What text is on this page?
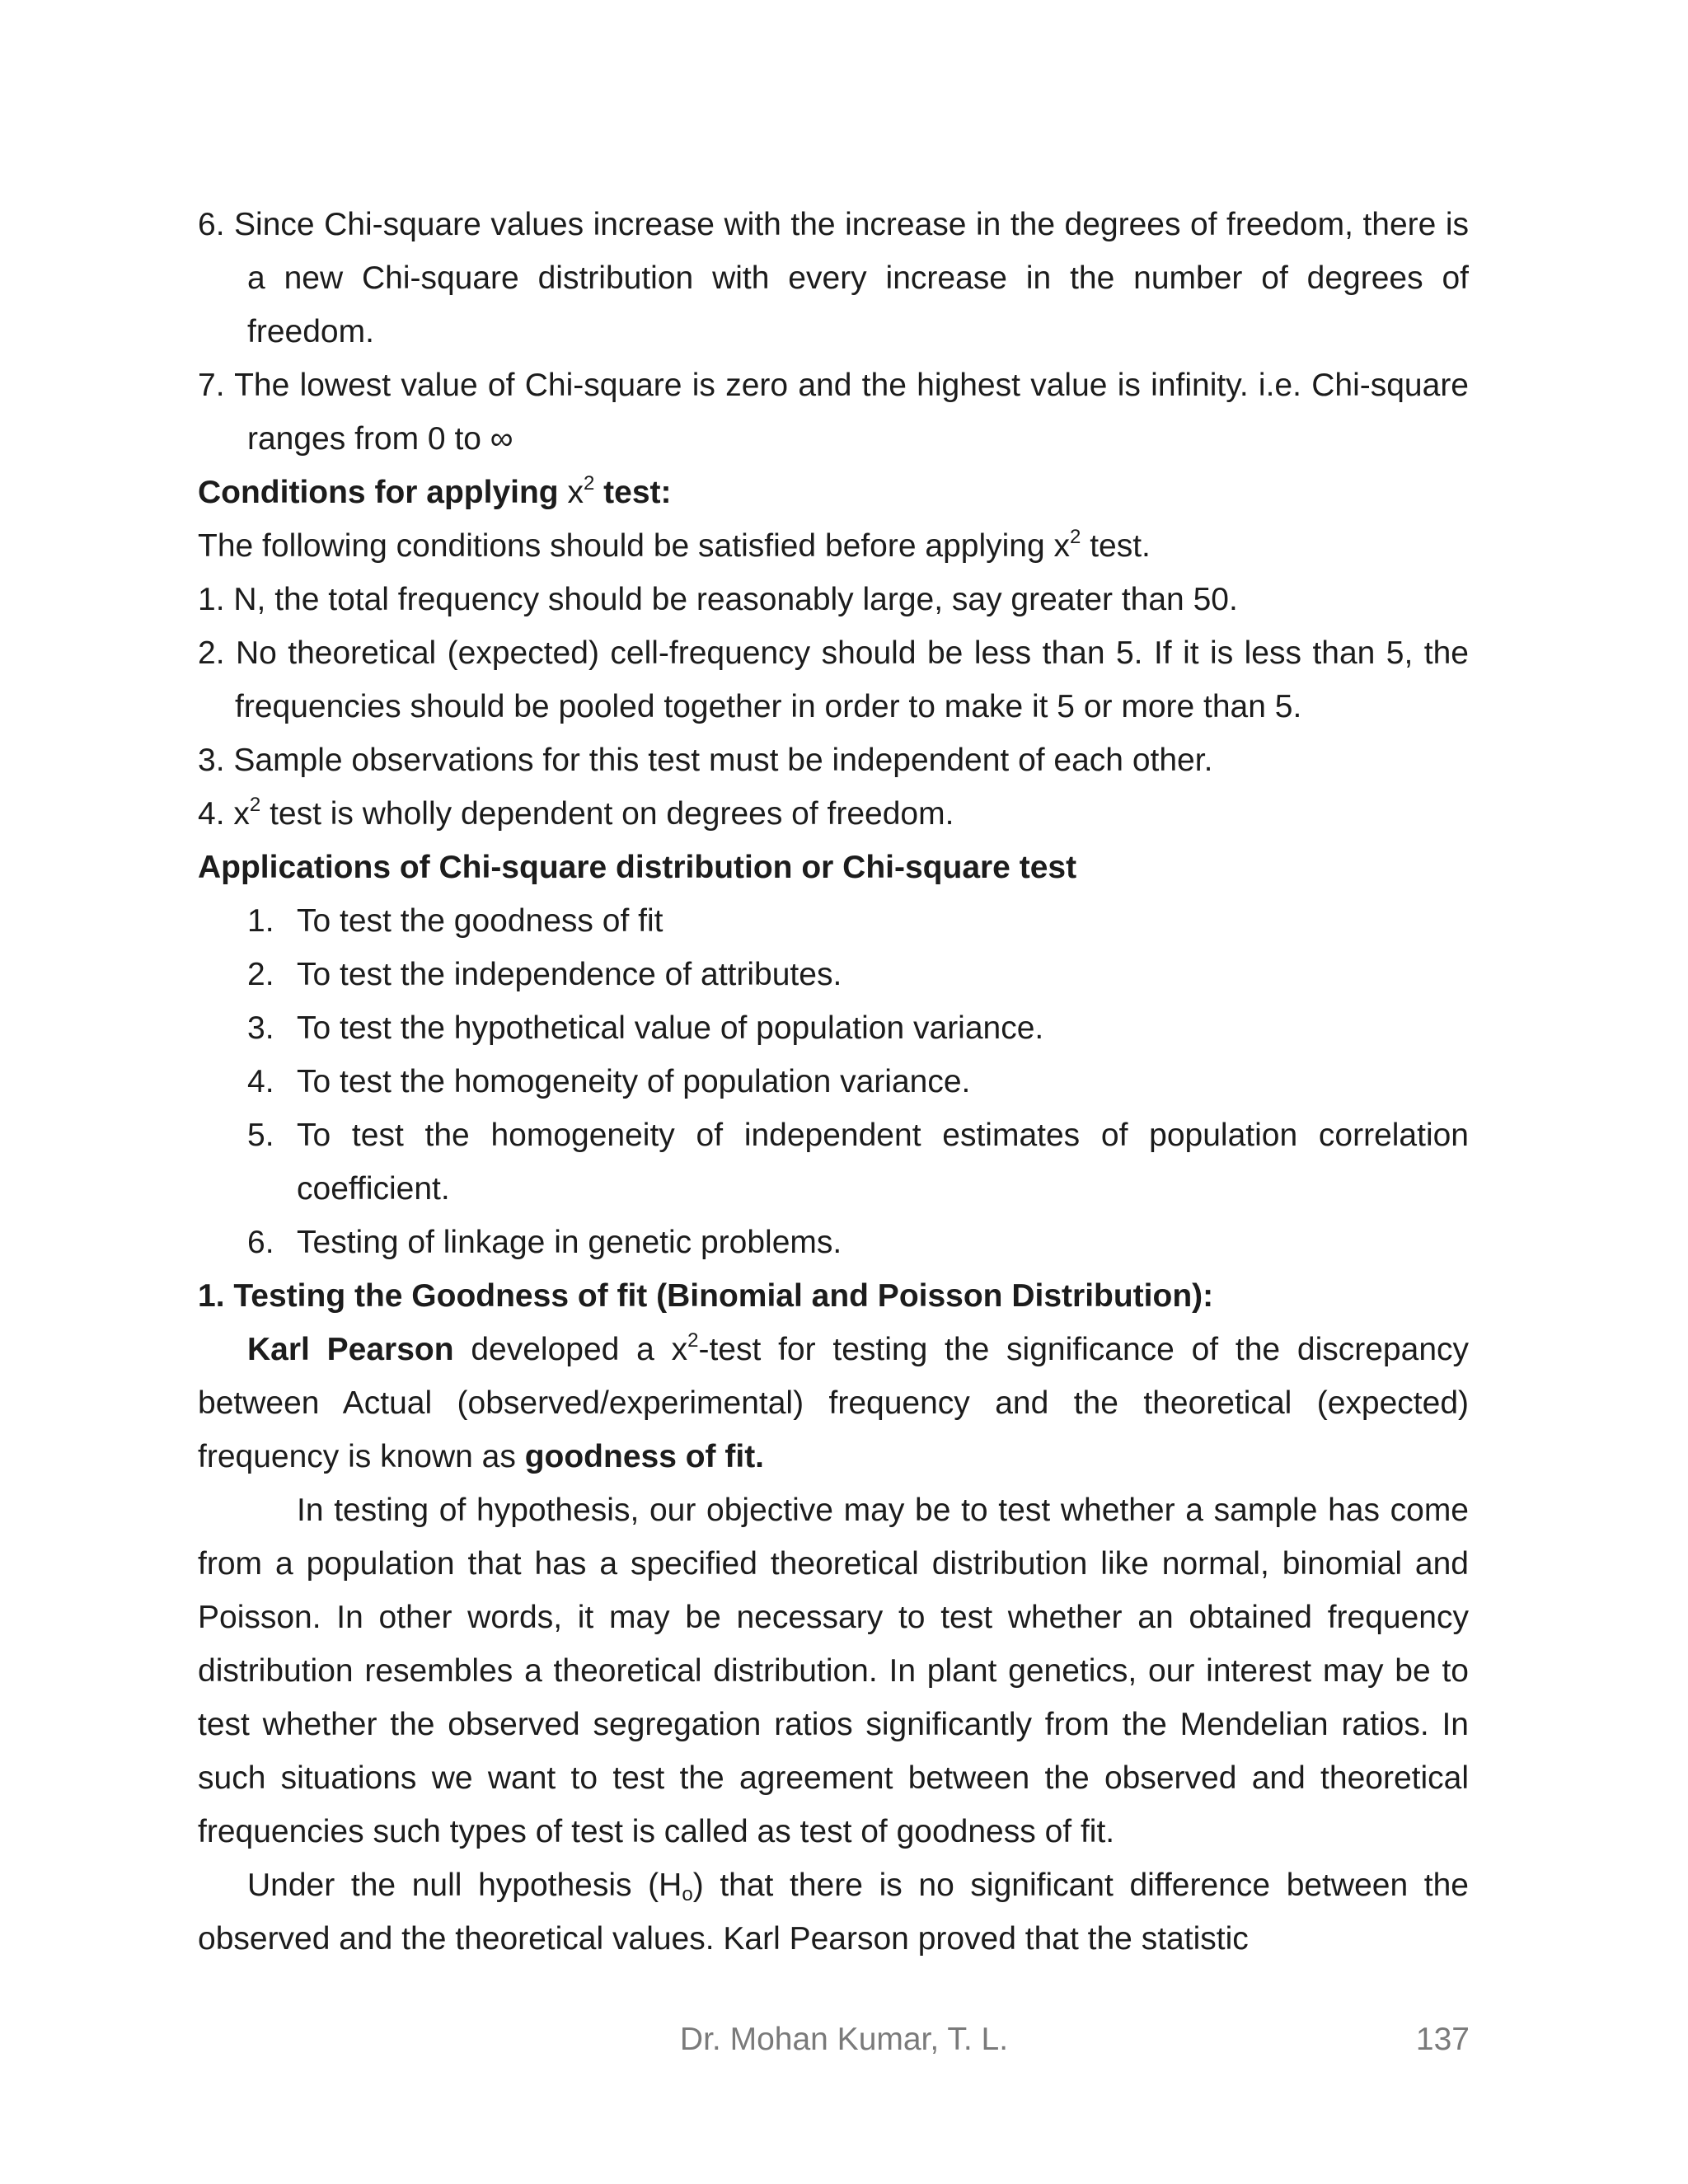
6. Since Chi-square values increase with the increase in the degrees of freedom, there is
a new Chi-square distribution with every increase in the number of degrees of
freedom.
7. The lowest value of Chi-square is zero and the highest value is infinity. i.e. Chi-square
ranges from 0 to ∞
Conditions for applying $x^2$ test:
The following conditions should be satisfied before applying $x^2$ test.
1. N, the total frequency should be reasonably large, say greater than 50.
2. No theoretical (expected) cell-frequency should be less than 5. If it is less than 5, the
frequencies should be pooled together in order to make it 5 or more than 5.
3. Sample observations for this test must be independent of each other.
4. $x^2$ test is wholly dependent on degrees of freedom.
Applications of Chi-square distribution or Chi-square test
1. To test the goodness of fit
2. To test the independence of attributes.
3. To test the hypothetical value of population variance.
4. To test the homogeneity of population variance.
5. To test the homogeneity of independent estimates of population correlation
coefficient.
6. Testing of linkage in genetic problems.
1. Testing the Goodness of fit (Binomial and Poisson Distribution):
Karl Pearson developed a $x^2$-test for testing the significance of the discrepancy
between Actual (observed/experimental) frequency and the theoretical (expected)
frequency is known as goodness of fit.
In testing of hypothesis, our objective may be to test whether a sample has come
from a population that has a specified theoretical distribution like normal, binomial and
Poisson. In other words, it may be necessary to test whether an obtained frequency
distribution resembles a theoretical distribution. In plant genetics, our interest may be to
test whether the observed segregation ratios significantly from the Mendelian ratios. In
such situations we want to test the agreement between the observed and theoretical
frequencies such types of test is called as test of goodness of fit.
Under the null hypothesis $(H_o)$ that there is no significant difference between the
observed and the theoretical values. Karl Pearson proved that the statistic
Dr. Mohan Kumar, T. L.	137
